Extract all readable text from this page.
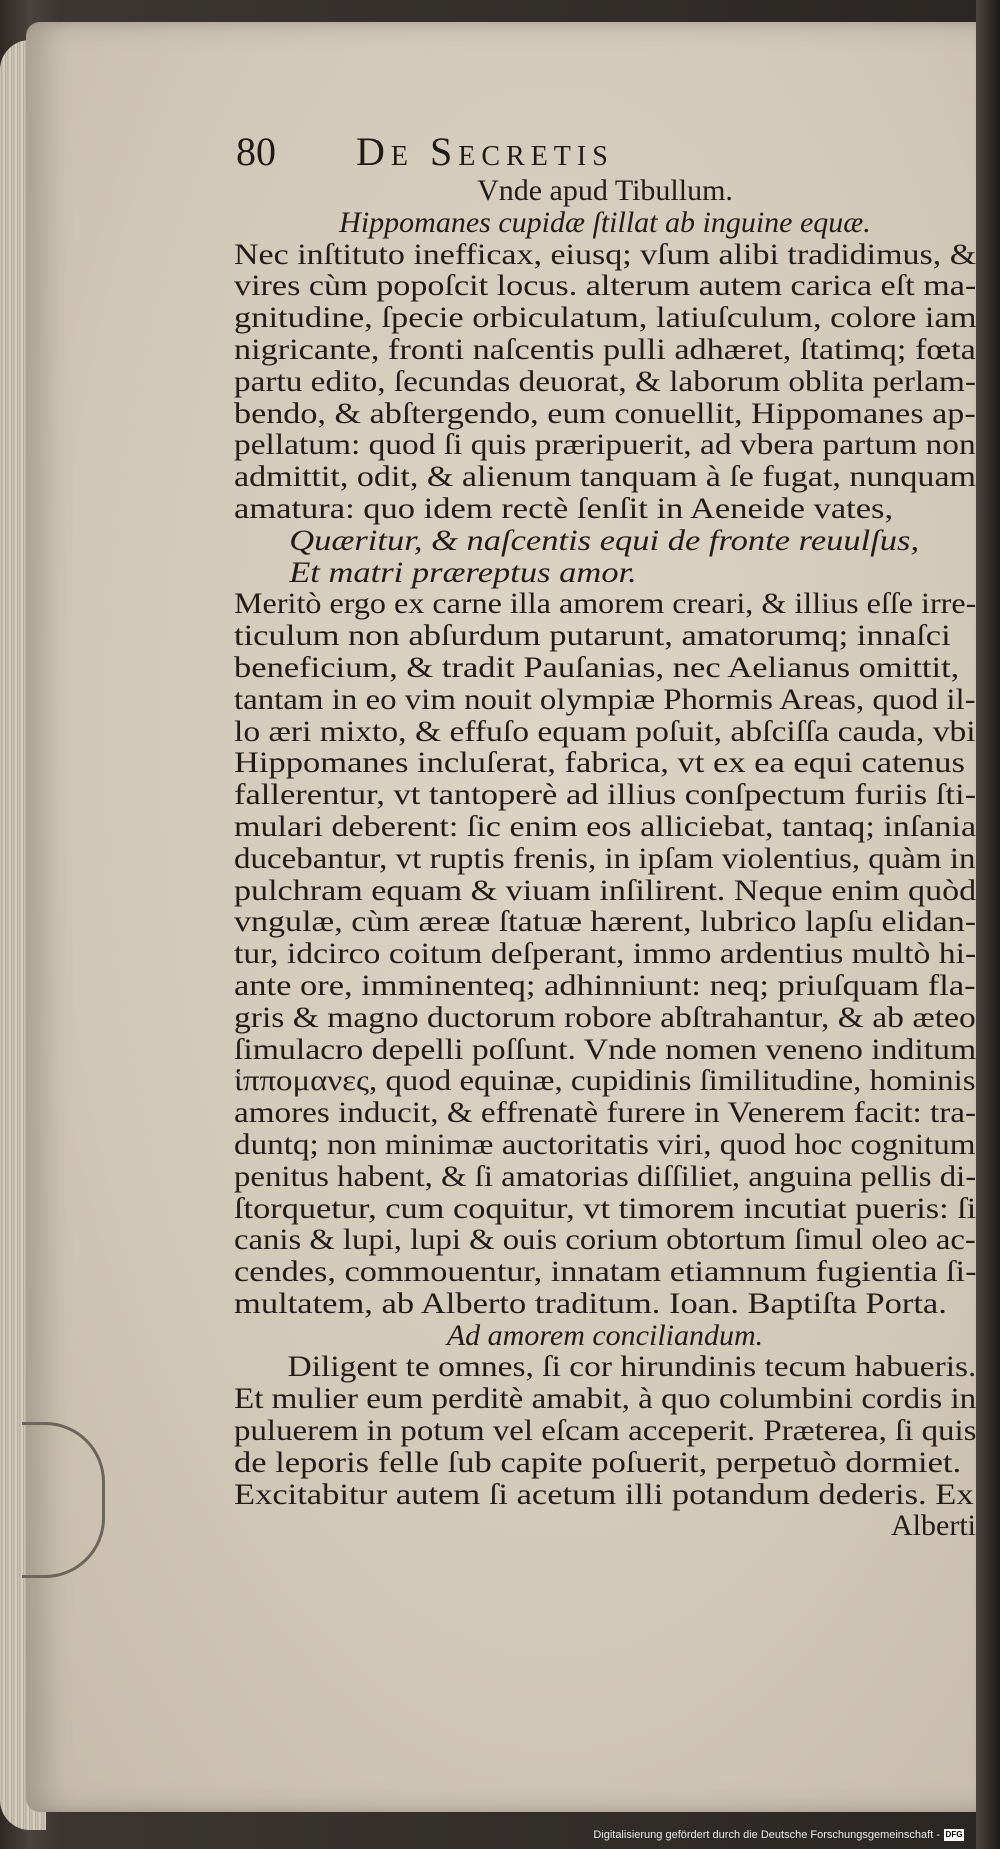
80 De Secretis
Vnde apud Tibullum.
Hippomanes cupidæ ſtillat ab inguine equæ.
Nec inſtituto inefficax, eiusq; vſum alibi tradidimus, &
vires cùm popoſcit locus. alterum autem carica eſt ma-
gnitudine, ſpecie orbiculatum, latiuſculum, colore iam
nigricante, fronti naſcentis pulli adhæret, ſtatimq; fœta
partu edito, ſecundas deuorat, & laborum oblita perlam-
bendo, & abſtergendo, eum conuellit, Hippomanes ap-
pellatum: quod ſi quis præripuerit, ad vbera partum non
admittit, odit, & alienum tanquam à ſe fugat, nunquam
amatura: quo idem rectè ſenſit in Aeneide vates,
Quæritur, & naſcentis equi de fronte reuulſus,
Et matri præreptus amor.
Meritò ergo ex carne illa amorem creari, & illius eſſe irre-
ticulum non abſurdum putarunt, amatorumq; innaſci
beneficium, & tradit Pauſanias, nec Aelianus omittit,
tantam in eo vim nouit olympiæ Phormis Areas, quod il-
lo æri mixto, & effuſo equam poſuit, abſciſſa cauda, vbi
Hippomanes incluſerat, fabrica, vt ex ea equi catenus
fallerentur, vt tantoperè ad illius conſpectum furiis ſti-
mulari deberent: ſic enim eos alliciebat, tantaq; inſania
ducebantur, vt ruptis frenis, in ipſam violentius, quàm in
pulchram equam & viuam inſilirent. Neque enim quòd
vngulæ, cùm æreæ ſtatuæ hærent, lubrico lapſu elidan-
tur, idcirco coitum deſperant, immo ardentius multò hi-
ante ore, imminenteq; adhinniunt: neq; priuſquam fla-
gris & magno ductorum robore abſtrahantur, & ab æteo
ſimulacro depelli poſſunt. Vnde nomen veneno inditum
ἱππομανες, quod equinæ, cupidinis ſimilitudine, hominis
amores inducit, & effrenatè furere in Venerem facit: tra-
duntq; non minimæ auctoritatis viri, quod hoc cognitum
penitus habent, & ſi amatorias diſſiliet, anguina pellis di-
ſtorquetur, cum coquitur, vt timorem incutiat pueris: ſi
canis & lupi, lupi & ouis corium obtortum ſimul oleo ac-
cendes, commouentur, innatam etiamnum fugientia ſi-
multatem, ab Alberto traditum. Ioan. Baptiſta Porta.
Ad amorem conciliandum.
Diligent te omnes, ſi cor hirundinis tecum habueris.
Et mulier eum perditè amabit, à quo columbini cordis in
puluerem in potum vel eſcam acceperit. Præterea, ſi quis
de leporis felle ſub capite poſuerit, perpetuò dormiet.
Excitabitur autem ſi acetum illi potandum dederis. Ex
Alberti
Digitalisierung gefördert durch die Deutsche Forschungsgemeinschaft - DFG
